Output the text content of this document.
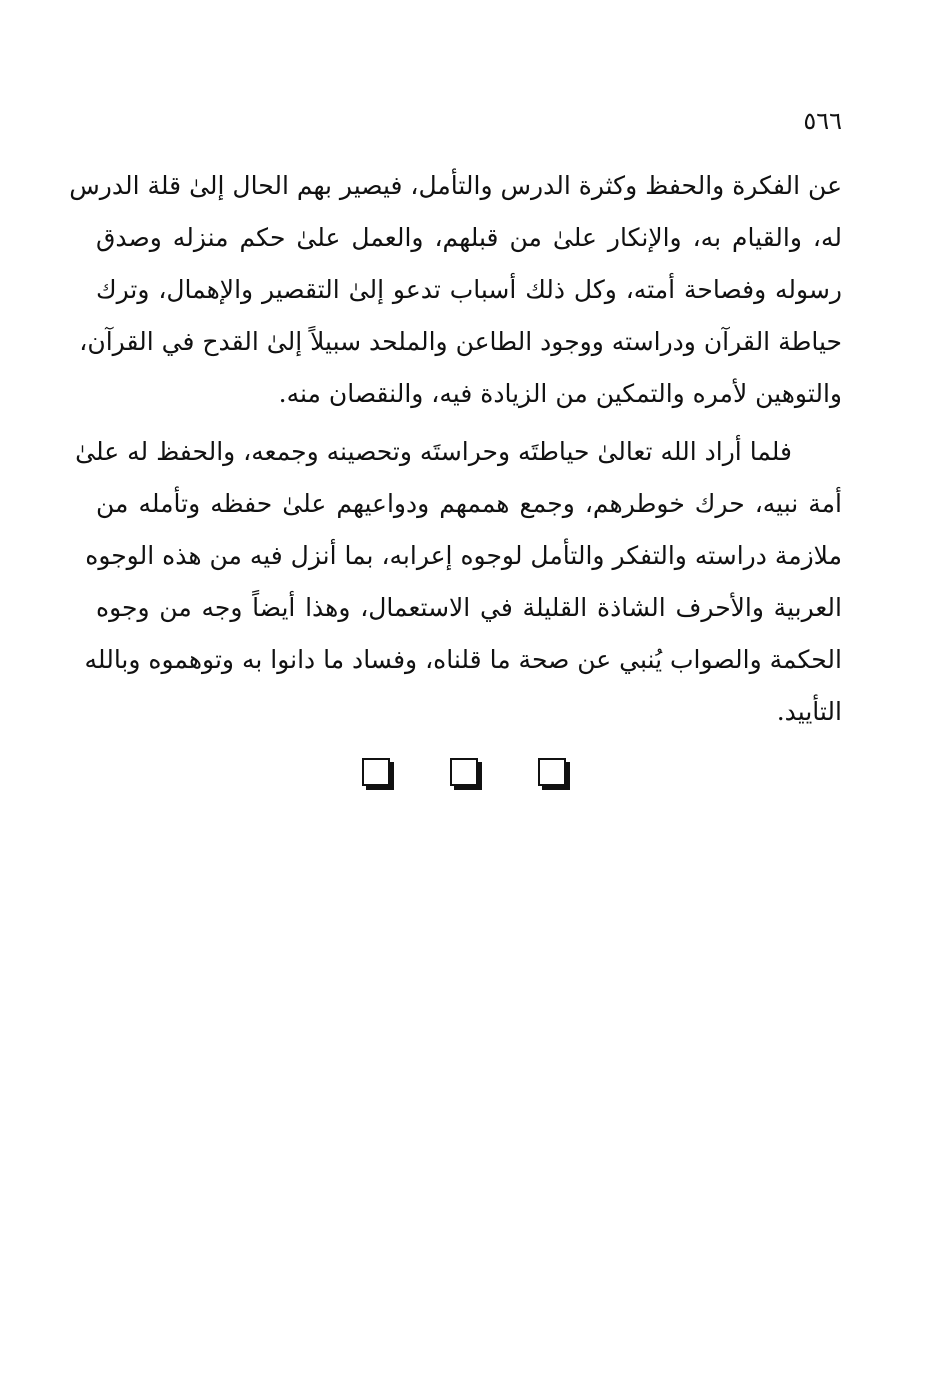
٥٦٦

عن الفكرة والحفظ وكثرة الدرس والتأمل، فيصير بهم الحال إلىٰ قلة الدرس
له، والقيام به، والإنكار علىٰ من قبلهم، والعمل علىٰ حكم منزله وصدق
رسوله وفصاحة أمته، وكل ذلك أسباب تدعو إلىٰ التقصير والإهمال، وترك
حياطة القرآن ودراسته ووجود الطاعن والملحد سبيلاً إلىٰ القدح في القرآن،
والتوهين لأمره والتمكين من الزيادة فيه، والنقصان منه.

فلما أراد الله تعالىٰ حياطتَه وحراستَه وتحصينه وجمعه، والحفظ له علىٰ
أمة نبيه، حرك خوطرهم، وجمع هممهم ودواعيهم علىٰ حفظه وتأمله من
ملازمة دراسته والتفكر والتأمل لوجوه إعرابه، بما أنزل فيه من هذه الوجوه
العربية والأحرف الشاذة القليلة في الاستعمال، وهذا أيضاً وجه من وجوه
الحكمة والصواب يُنبي عن صحة ما قلناه، وفساد ما دانوا به وتوهموه وبالله
التأييد.
